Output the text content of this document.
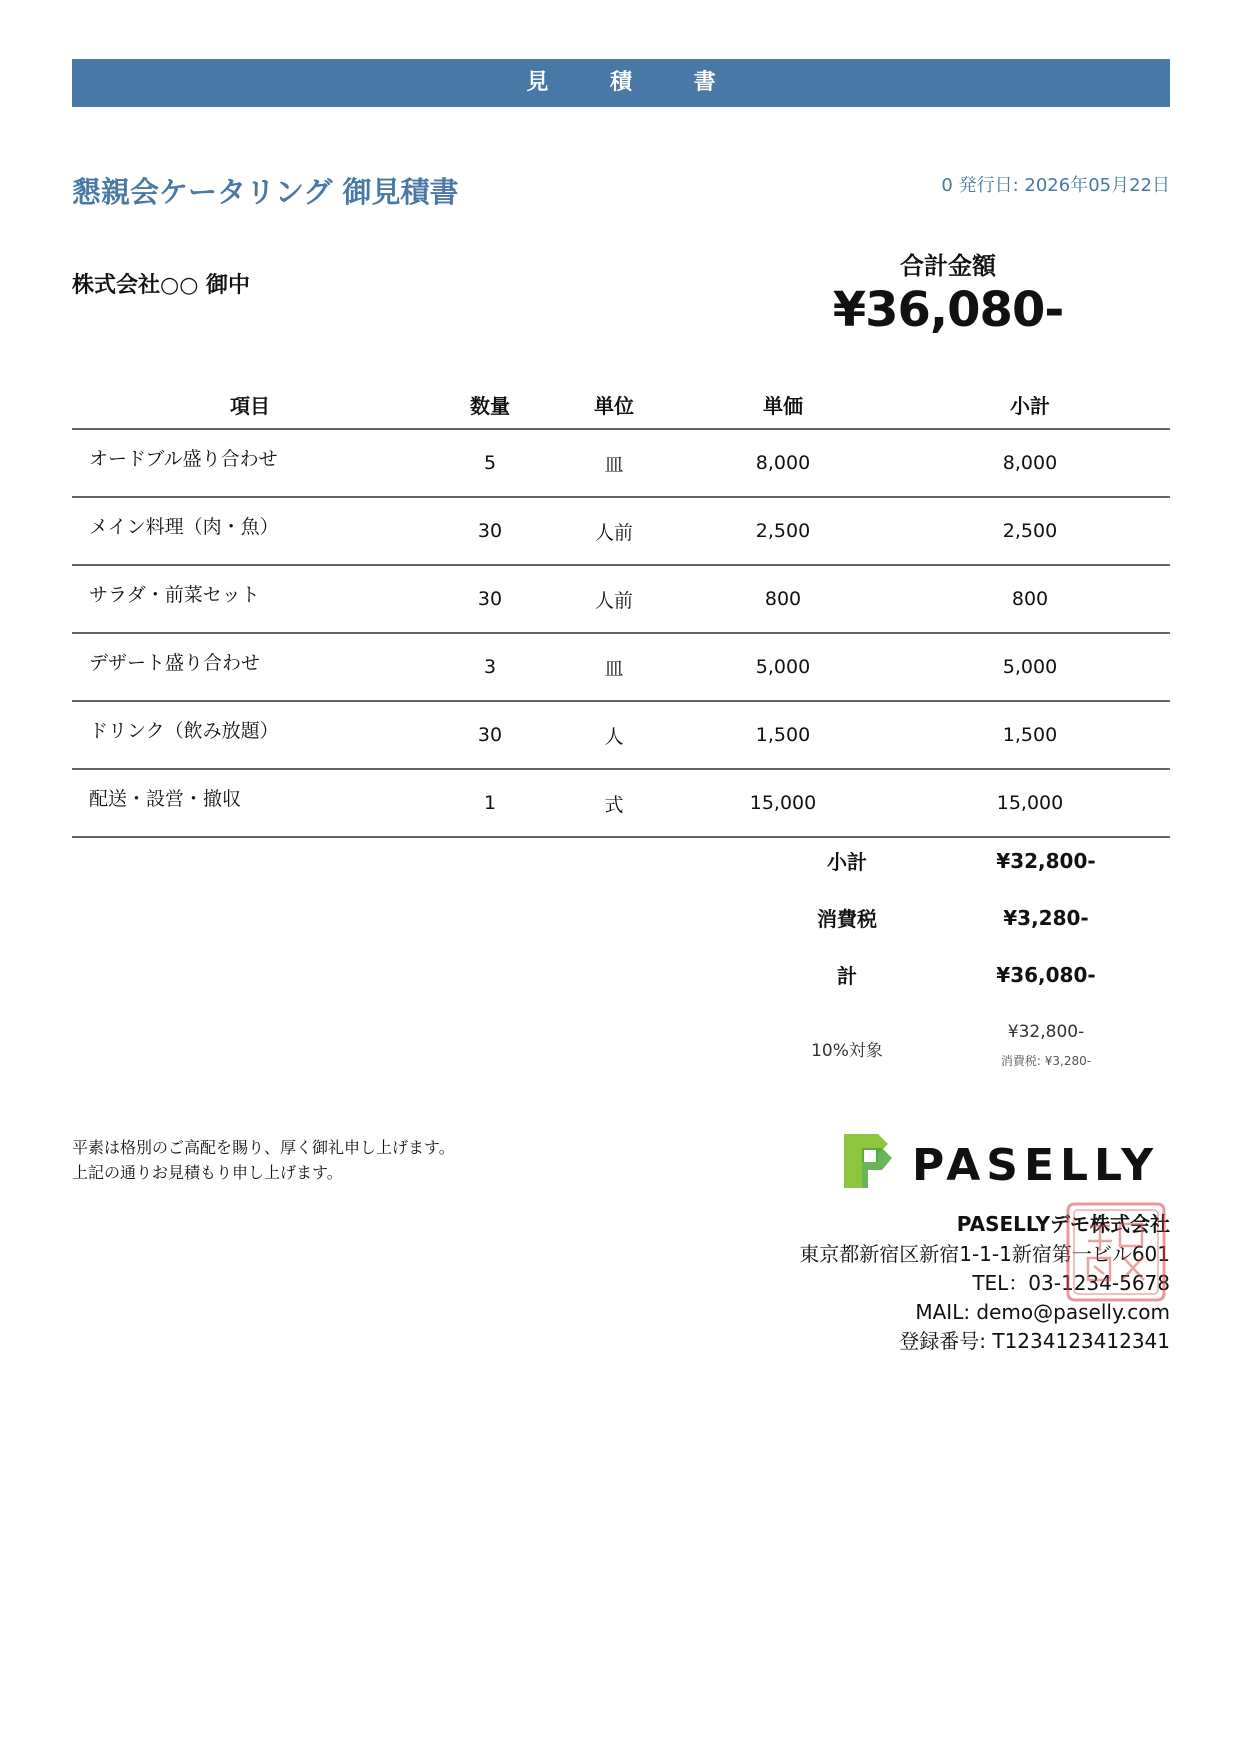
見　積　書
懇親会ケータリング 御見積書	0 発行日: 2026年05月22日
株式会社○○ 御中
合計金額
¥36,080-
項目	数量	単位	単価	小計
オードブル盛り合わせ	5	皿	8,000	8,000
メイン料理（肉・魚）	30	人前	2,500	2,500
サラダ・前菜セット	30	人前	800	800
デザート盛り合わせ	3	皿	5,000	5,000
ドリンク（飲み放題）	30	人	1,500	1,500
配送・設営・撤収	1	式	15,000	15,000
小計	¥32,800-
消費税	¥3,280-
計	¥36,080-
10%対象
¥32,800-
消費税: ¥3,280-
平素は格別のご高配を賜り、厚く御礼申し上げます。
上記の通りお見積もり申し上げます。	PASELLY
PASELLYデモ株式会社
東京都新宿区新宿1-1-1新宿第一ビル601
TEL：03-1234-5678
MAIL: demo@paselly.com
登録番号: T1234123412341
